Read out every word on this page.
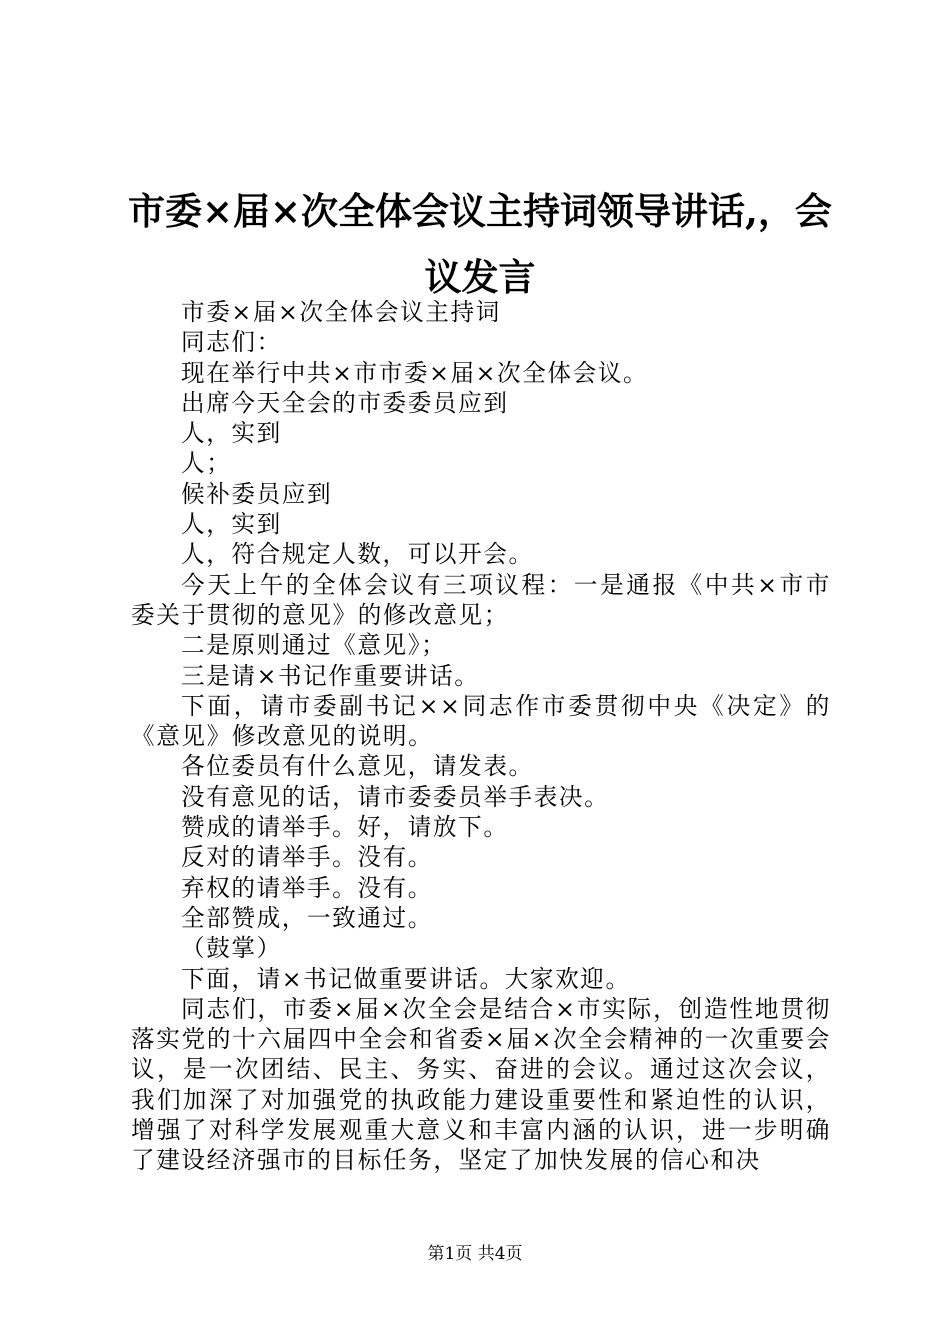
市委×届×次全体会议主持词领导讲话,，会议发言

市委×届×次全体会议主持词

同志们：

现在举行中共×市市委×届×次全体会议。

出席今天全会的市委委员应到

人，实到

人；

候补委员应到

人，实到

人，符合规定人数，可以开会。

今天上午的全体会议有三项议程：一是通报《中共×市市委关于贯彻的意见》的修改意见；

二是原则通过《意见》；

三是请×书记作重要讲话。

下面，请市委副书记××同志作市委贯彻中央《决定》的《意见》修改意见的说明。

各位委员有什么意见，请发表。

没有意见的话，请市委委员举手表决。

赞成的请举手。好，请放下。

反对的请举手。没有。

弃权的请举手。没有。

全部赞成，一致通过。

（鼓掌）

下面，请×书记做重要讲话。大家欢迎。

同志们，市委×届×次全会是结合×市实际，创造性地贯彻落实党的十六届四中全会和省委×届×次全会精神的一次重要会议，是一次团结、民主、务实、奋进的会议。通过这次会议，我们加深了对加强党的执政能力建设重要性和紧迫性的认识，增强了对科学发展观重大意义和丰富内涵的认识，进一步明确了建设经济强市的目标任务，坚定了加快发展的信心和决

第1页 共4页
